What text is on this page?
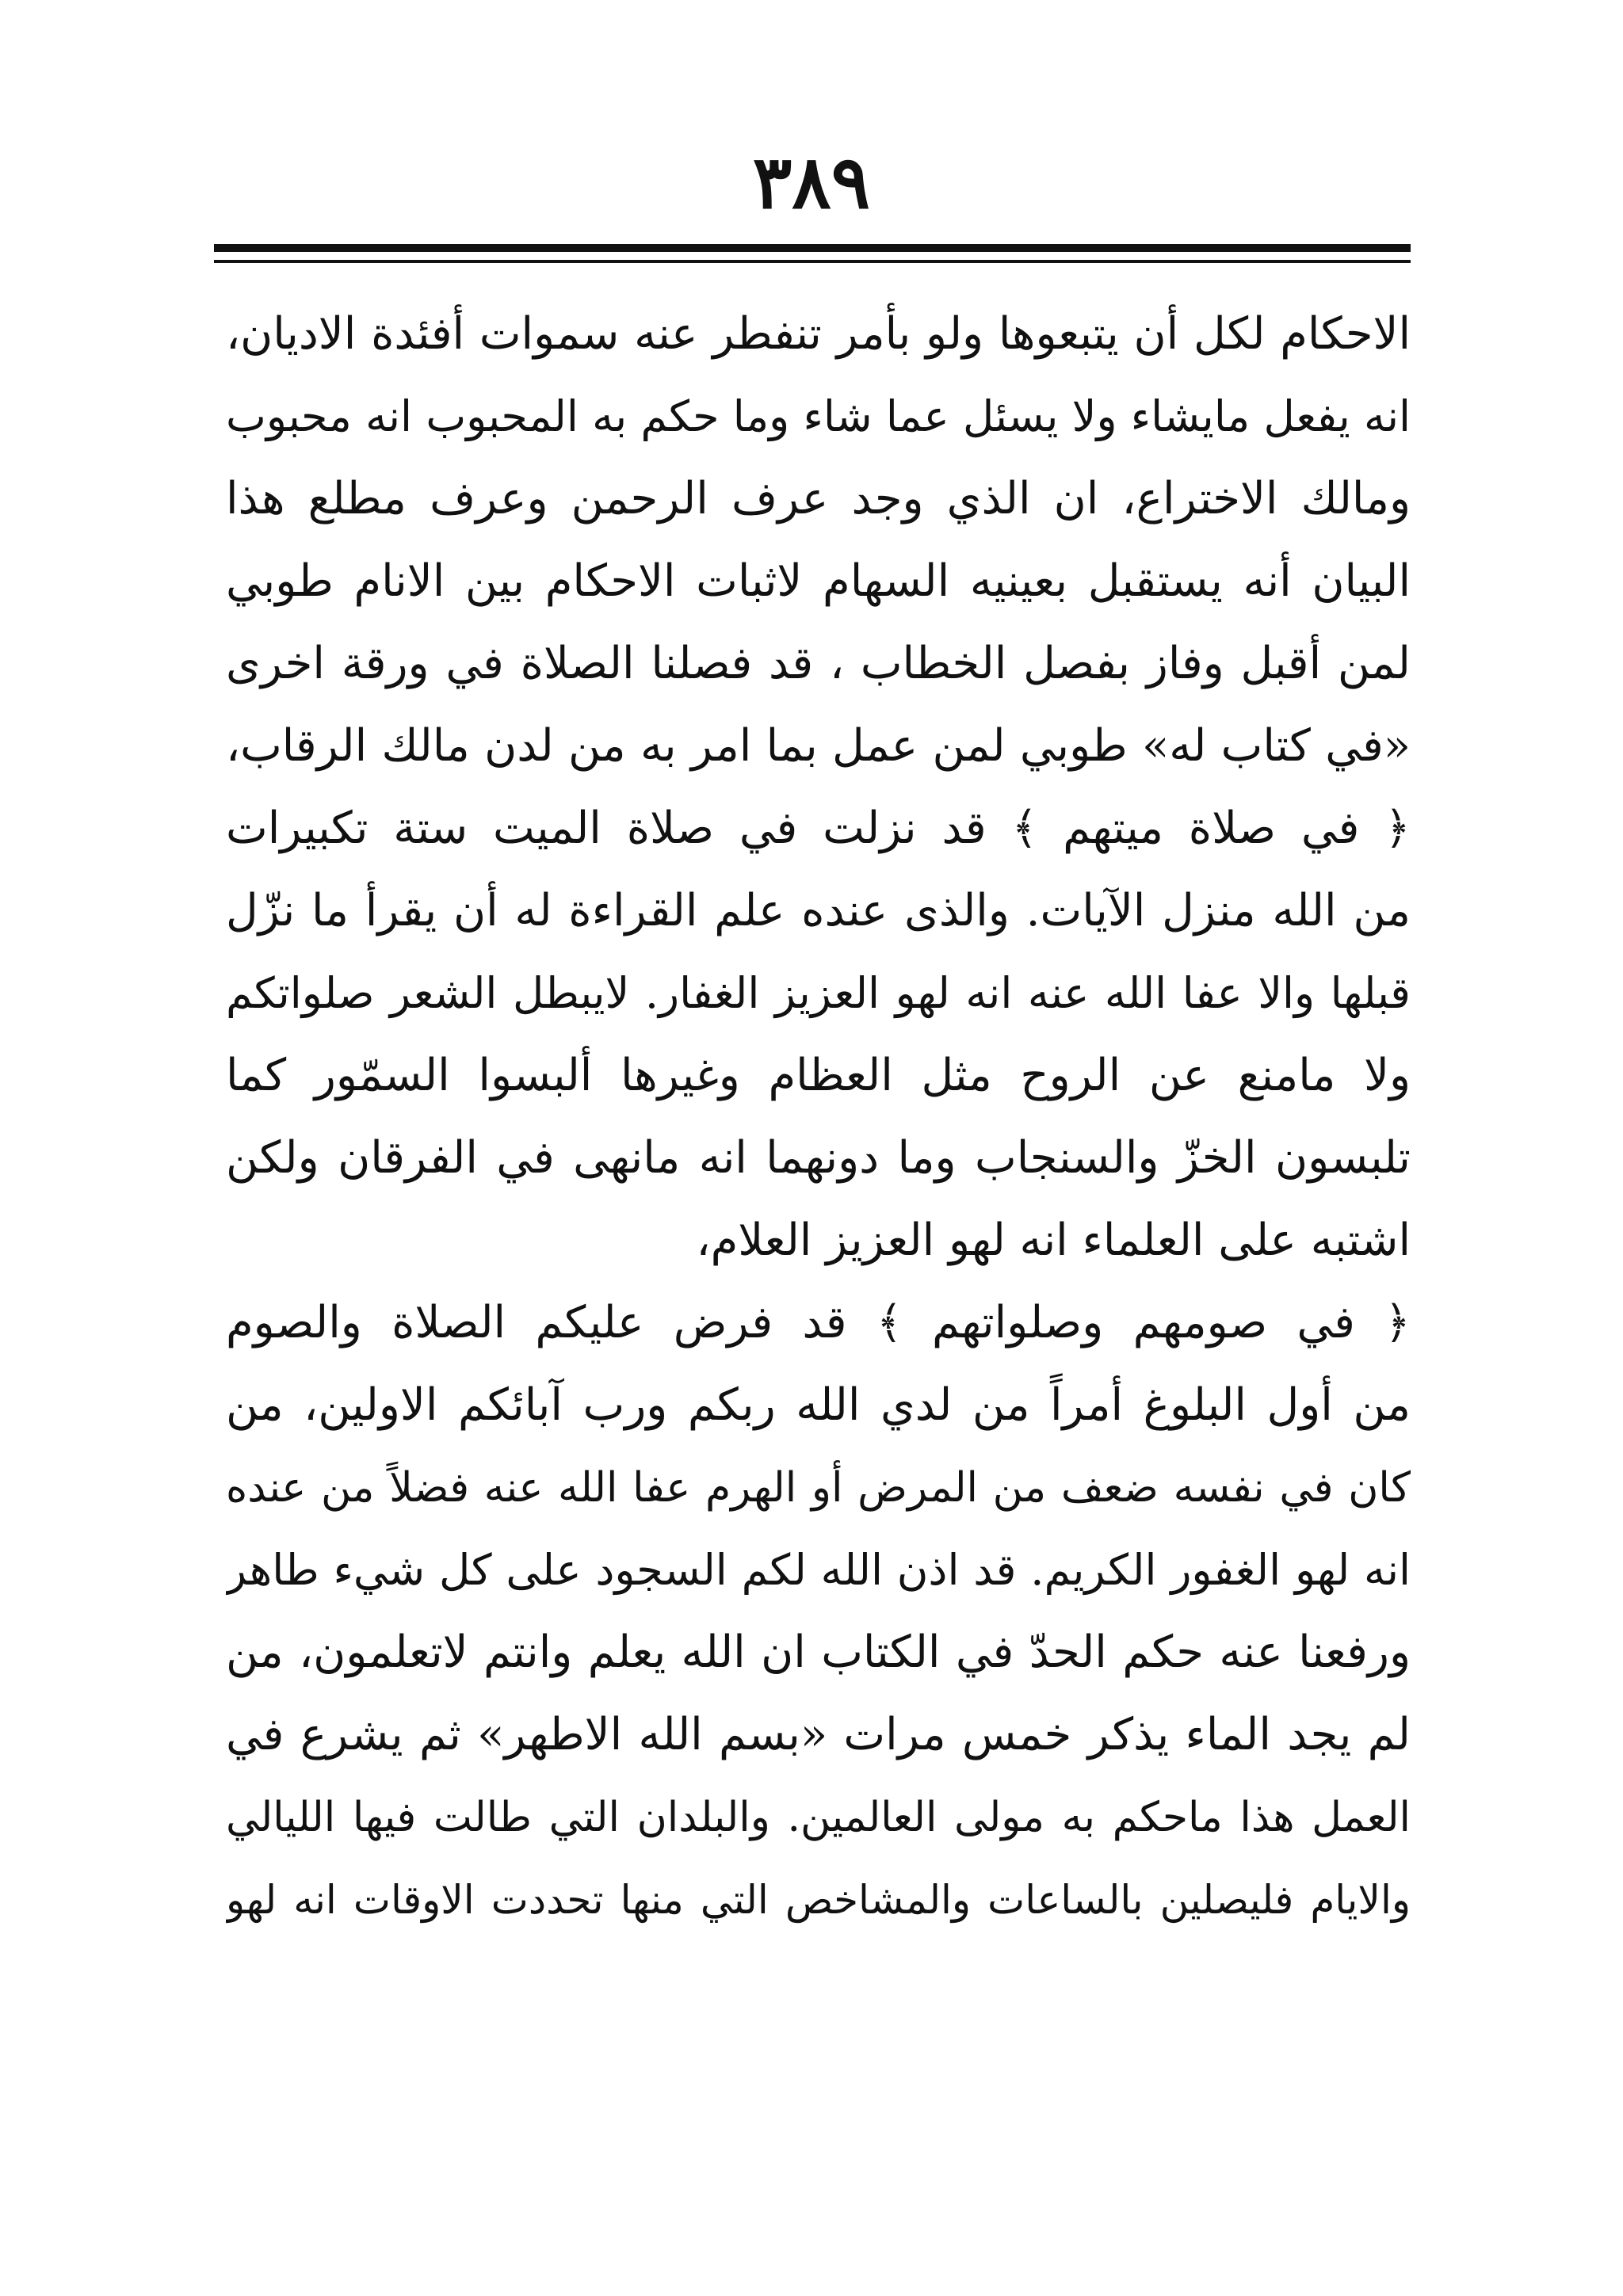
٣٨٩
الاحكام لكل أن يتبعوها ولو بأمر تنفطر عنه سموات أفئدة الاديان،
انه يفعل مايشاء ولا يسئل عما شاء وما حكم به المحبوب انه محبوب
ومالك الاختراع، ان الذي وجد عرف الرحمن وعرف مطلع هذا
البيان أنه يستقبل بعينيه السهام لاثبات الاحكام بين الانام طوبي
لمن أقبل وفاز بفصل الخطاب ، قد فصلنا الصلاة في ورقة اخرى
«في كتاب له» طوبي لمن عمل بما امر به من لدن مالك الرقاب،
﴿ في صلاة ميتهم ﴾ قد نزلت في صلاة الميت ستة تكبيرات
من الله منزل الآيات. والذى عنده علم القراءة له أن يقرأ ما نزّل
قبلها والا عفا الله عنه انه لهو العزيز الغفار. لايبطل الشعر صلواتكم
ولا مامنع عن الروح مثل العظام وغيرها ألبسوا السمّور كما
تلبسون الخزّ والسنجاب وما دونهما انه مانهى في الفرقان ولكن
اشتبه على العلماء انه لهو العزيز العلام،
﴿ في صومهم وصلواتهم ﴾ قد فرض عليكم الصلاة والصوم
من أول البلوغ أمراً من لدي الله ربكم ورب آبائكم الاولين، من
كان في نفسه ضعف من المرض أو الهرم عفا الله عنه فضلاً من عنده
انه لهو الغفور الكريم. قد اذن الله لكم السجود على كل شيء طاهر
ورفعنا عنه حكم الحدّ في الكتاب ان الله يعلم وانتم لاتعلمون، من
لم يجد الماء يذكر خمس مرات «بسم الله الاطهر» ثم يشرع في
العمل هذا ماحكم به مولى العالمين. والبلدان التي طالت فيها الليالي
والايام فليصلين بالساعات والمشاخص التي منها تحددت الاوقات انه لهو
